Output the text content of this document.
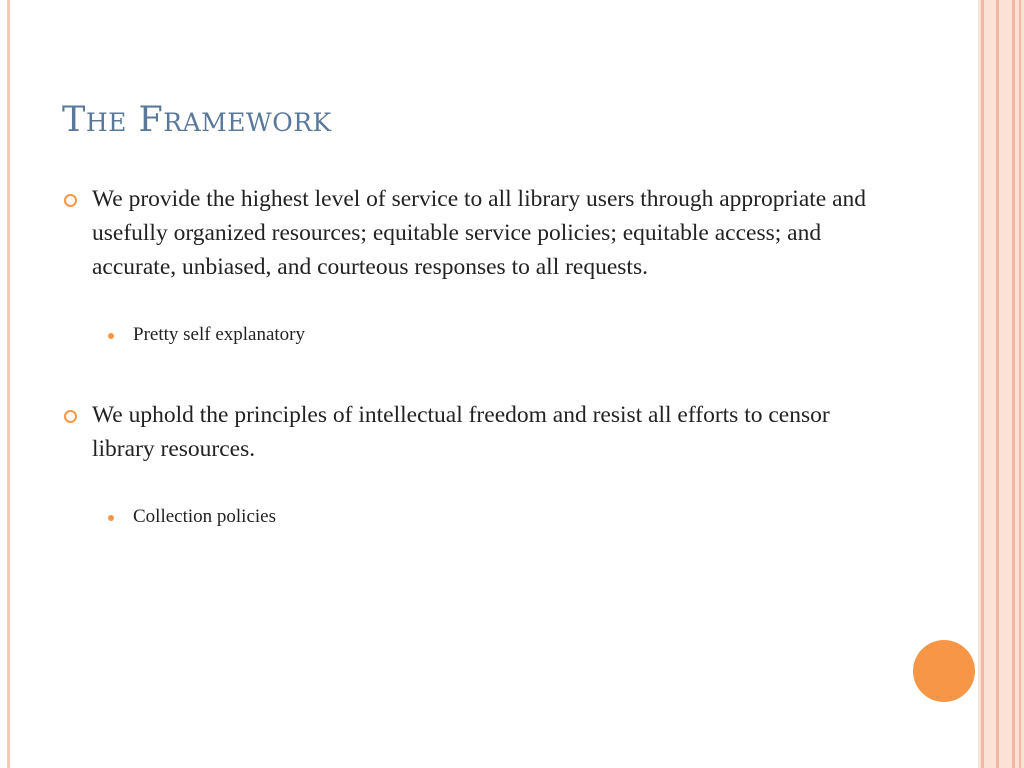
The Framework

We provide the highest level of service to all library users through appropriate and usefully organized resources; equitable service policies; equitable access; and accurate, unbiased, and courteous responses to all requests.

Pretty self explanatory

We uphold the principles of intellectual freedom and resist all efforts to censor library resources.

Collection policies
